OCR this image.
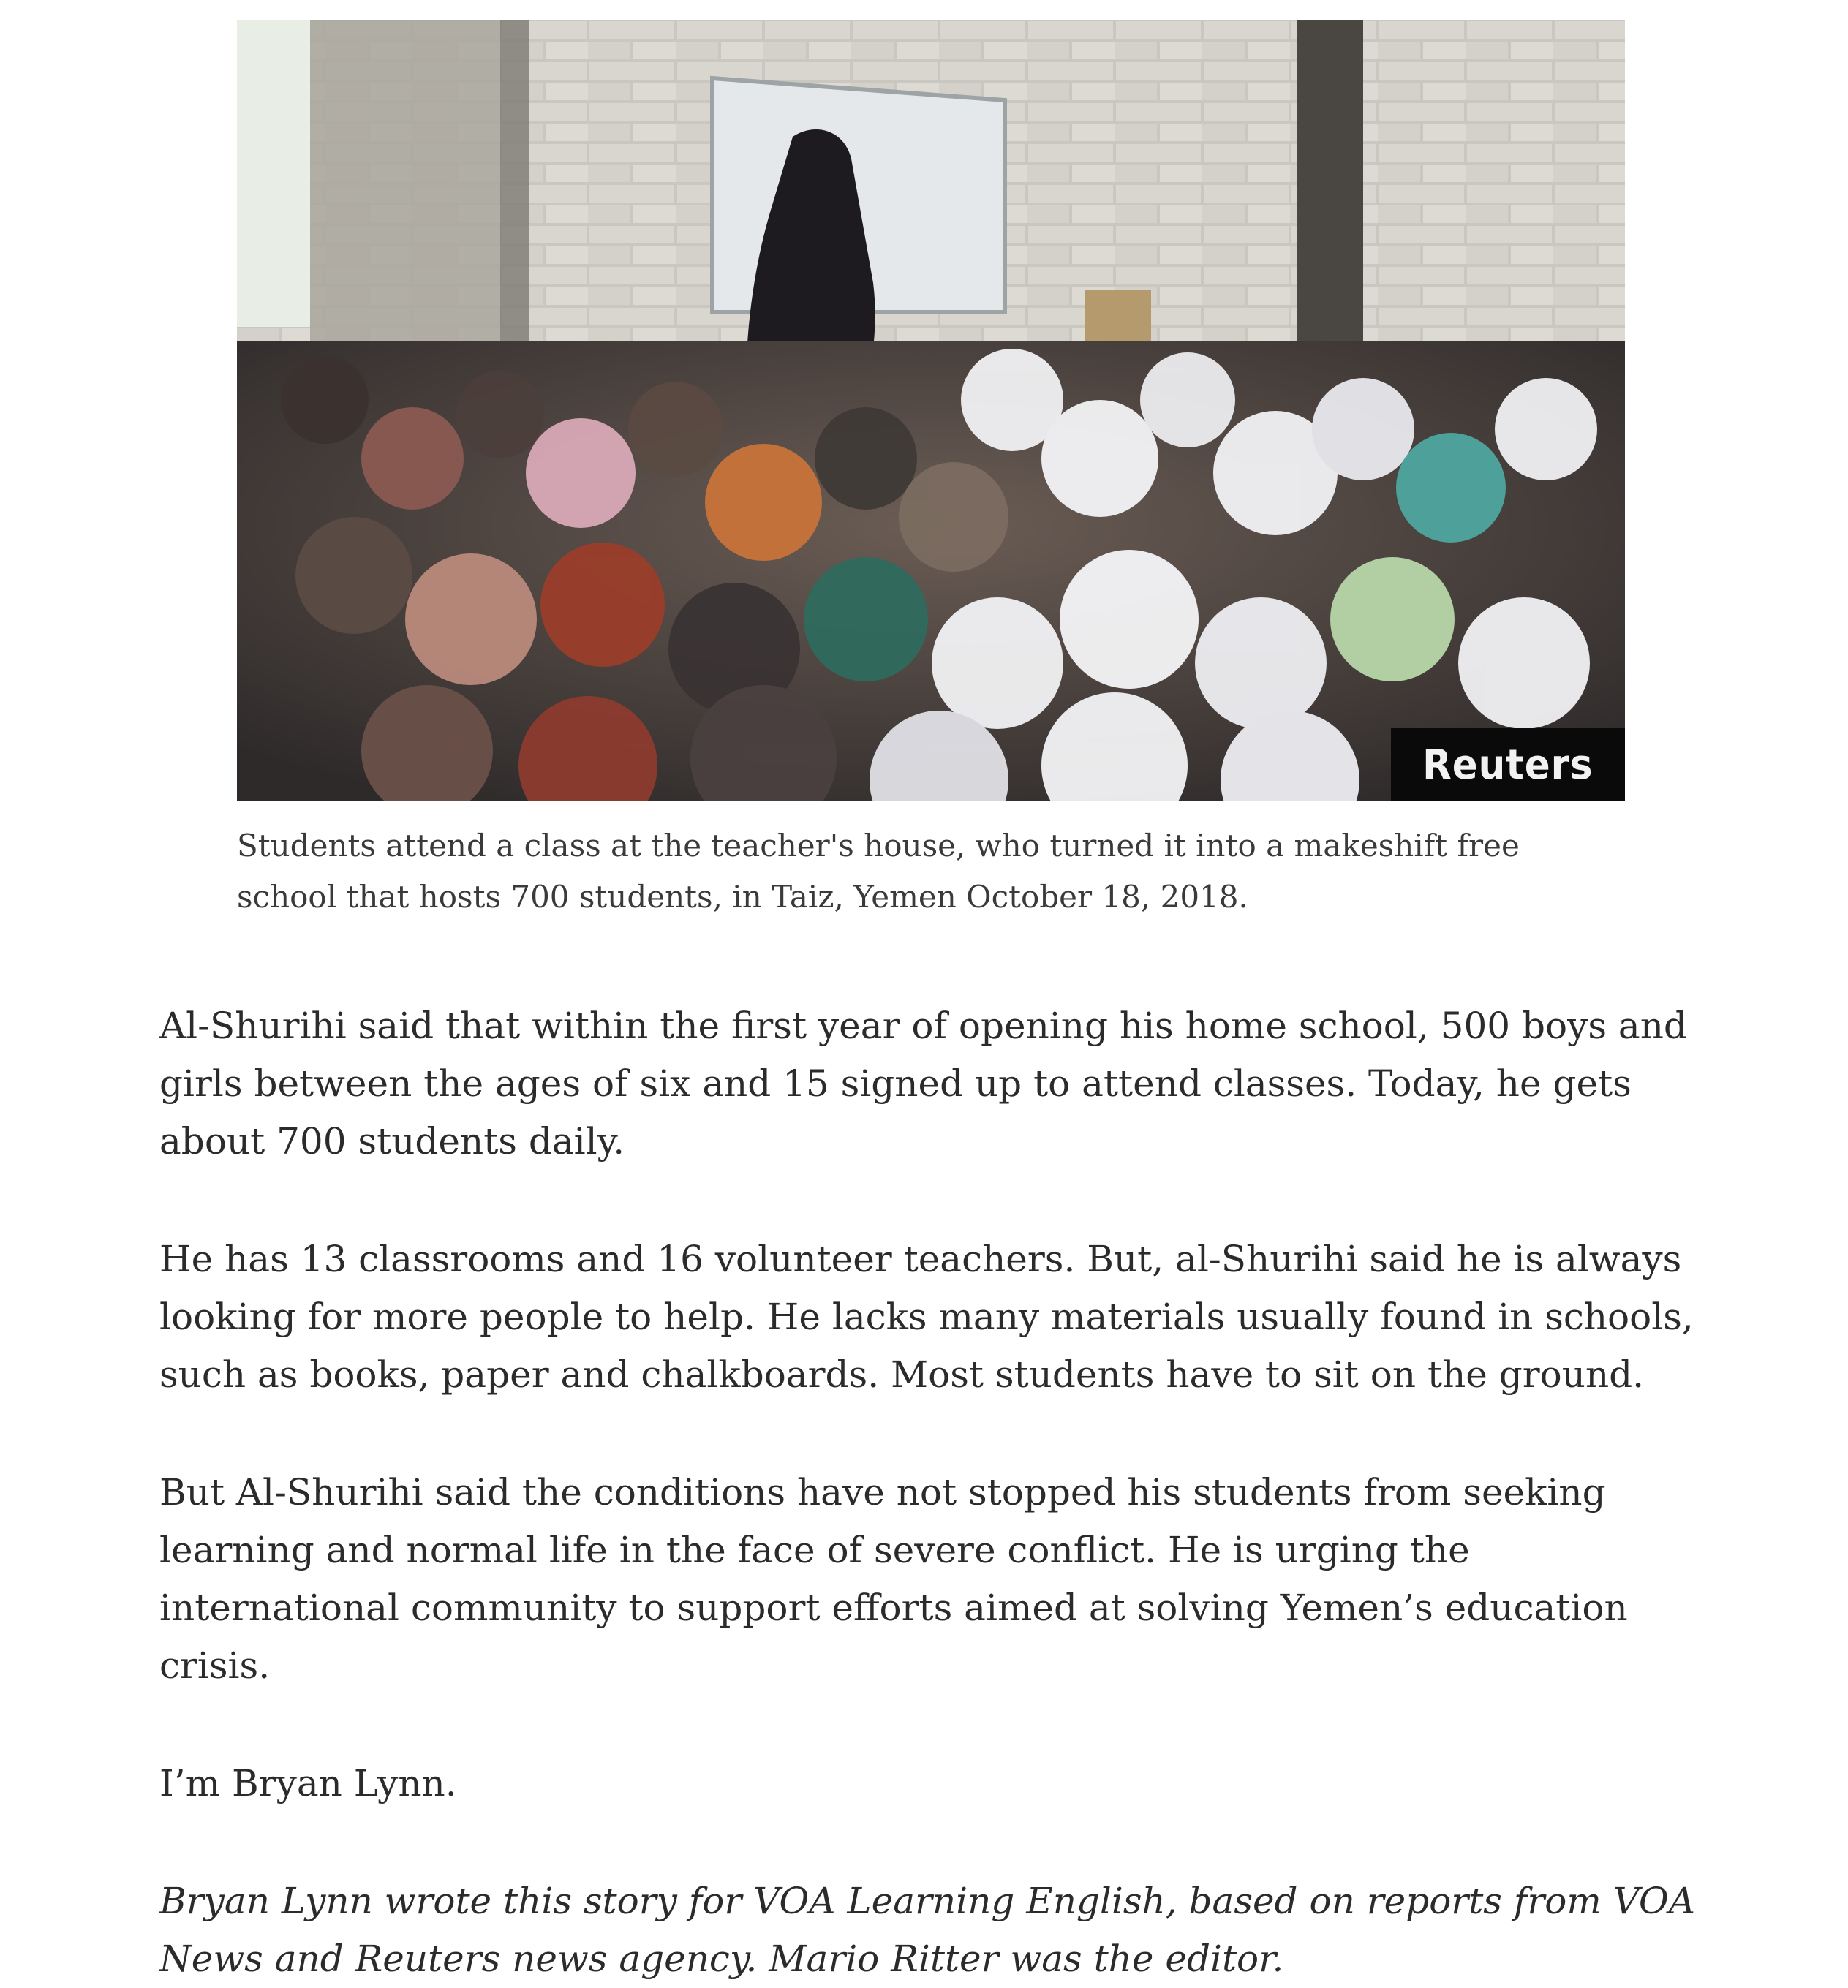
Reuters
Students attend a class at the teacher's house, who turned it into a makeshift free school that hosts 700 students, in Taiz, Yemen October 18, 2018.

Al-Shurihi said that within the first year of opening his home school, 500 boys and girls between the ages of six and 15 signed up to attend classes. Today, he gets about 700 students daily.

He has 13 classrooms and 16 volunteer teachers. But, al-Shurihi said he is always looking for more people to help. He lacks many materials usually found in schools, such as books, paper and chalkboards. Most students have to sit on the ground.

But Al-Shurihi said the conditions have not stopped his students from seeking learning and normal life in the face of severe conflict. He is urging the international community to support efforts aimed at solving Yemen’s education crisis.

I’m Bryan Lynn.

Bryan Lynn wrote this story for VOA Learning English, based on reports from VOA News and Reuters news agency. Mario Ritter was the editor.
